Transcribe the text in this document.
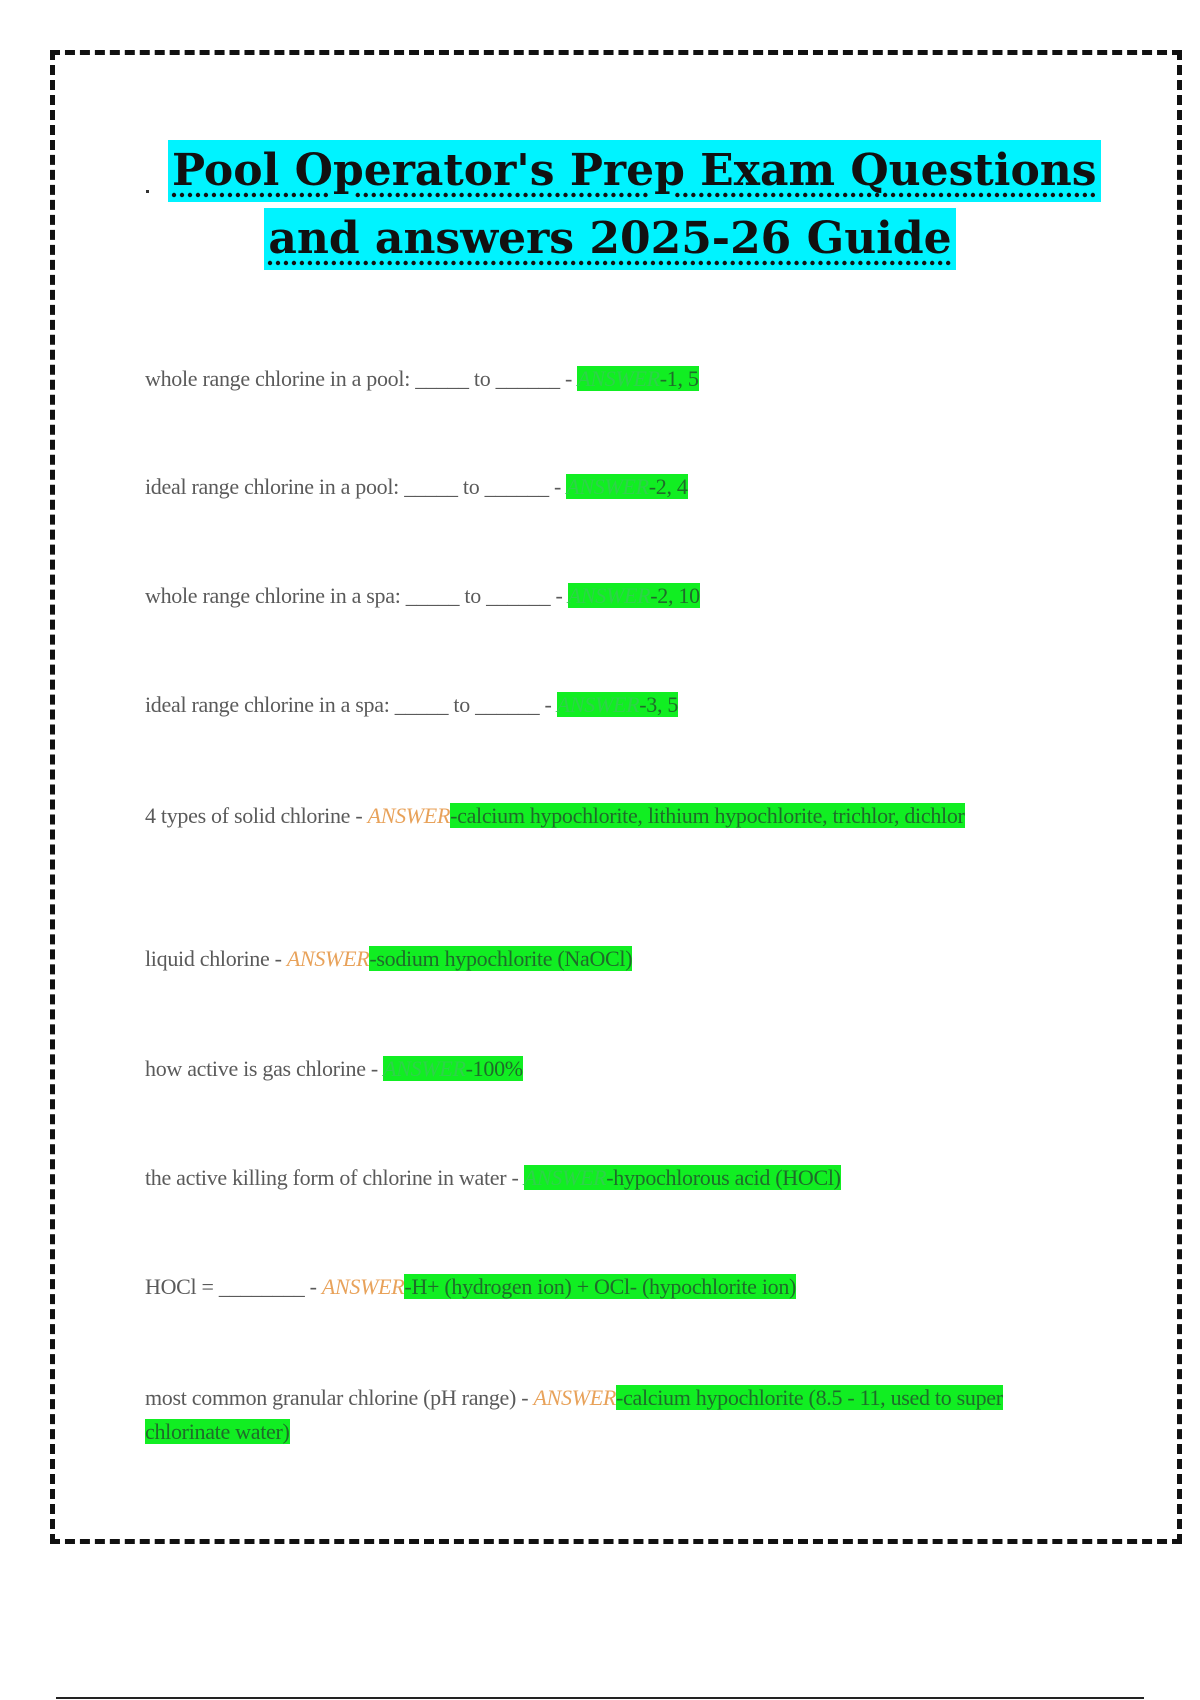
Pool Operator's Prep Exam Questions
and answers 2025-26 Guide
whole range chlorine in a pool: _____ to ______ - ANSWER-1, 5
ideal range chlorine in a pool: _____ to ______ - ANSWER-2, 4
whole range chlorine in a spa: _____ to ______ - ANSWER-2, 10
ideal range chlorine in a spa: _____ to ______ - ANSWER-3, 5
4 types of solid chlorine - ANSWER-calcium hypochlorite, lithium hypochlorite, trichlor, dichlor
liquid chlorine - ANSWER-sodium hypochlorite (NaOCl)
how active is gas chlorine - ANSWER-100%
the active killing form of chlorine in water - ANSWER-hypochlorous acid (HOCl)
HOCl = ________ - ANSWER-H+ (hydrogen ion) + OCl- (hypochlorite ion)
most common granular chlorine (pH range) - ANSWER-calcium hypochlorite (8.5 - 11, used to super chlorinate water)
